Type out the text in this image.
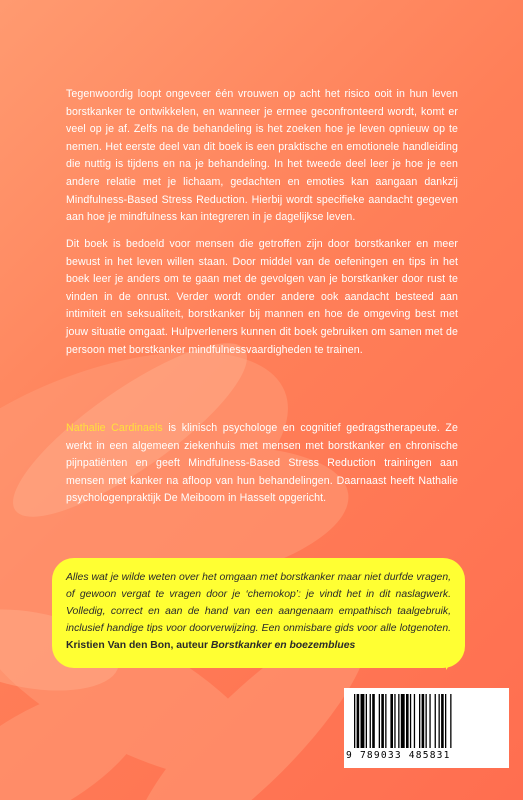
Tegenwoordig loopt ongeveer één vrouwen op acht het risico ooit in hun leven borstkanker te ontwikkelen, en wanneer je ermee geconfronteerd wordt, komt er veel op je af. Zelfs na de behandeling is het zoeken hoe je leven opnieuw op te nemen. Het eerste deel van dit boek is een praktische en emotionele handleiding die nuttig is tijdens en na je behandeling. In het tweede deel leer je hoe je een andere relatie met je lichaam, gedachten en emoties kan aangaan dankzij Mindfulness-Based Stress Reduction. Hierbij wordt specifieke aandacht gegeven aan hoe je mindfulness kan integreren in je dagelijkse leven.

Dit boek is bedoeld voor mensen die getroffen zijn door borstkanker en meer bewust in het leven willen staan. Door middel van de oefeningen en tips in het boek leer je anders om te gaan met de gevolgen van je borstkanker door rust te vinden in de onrust. Verder wordt onder andere ook aandacht besteed aan intimiteit en seksualiteit, borstkanker bij mannen en hoe de omgeving best met jouw situatie omgaat. Hulpverleners kunnen dit boek gebruiken om samen met de persoon met borstkanker mindfulnessvaardigheden te trainen.

Nathalie Cardinaels is klinisch psychologe en cognitief gedragstherapeute. Ze werkt in een algemeen ziekenhuis met mensen met borstkanker en chronische pijnpatiënten en geeft Mindfulness-Based Stress Reduction trainingen aan mensen met kanker na afloop van hun behandelingen. Daarnaast heeft Nathalie psychologenpraktijk De Meiboom in Hasselt opgericht.

Alles wat je wilde weten over het omgaan met borstkanker maar niet durfde vragen, of gewoon vergat te vragen door je ‘chemokop’: je vindt het in dit naslagwerk. Volledig, correct en aan de hand van een aangenaam empathisch taalgebruik, inclusief handige tips voor doorverwijzing. Een onmisbare gids voor alle lotgenoten. Kristien Van den Bon, auteur Borstkanker en boezemblues

9 789033 485831
